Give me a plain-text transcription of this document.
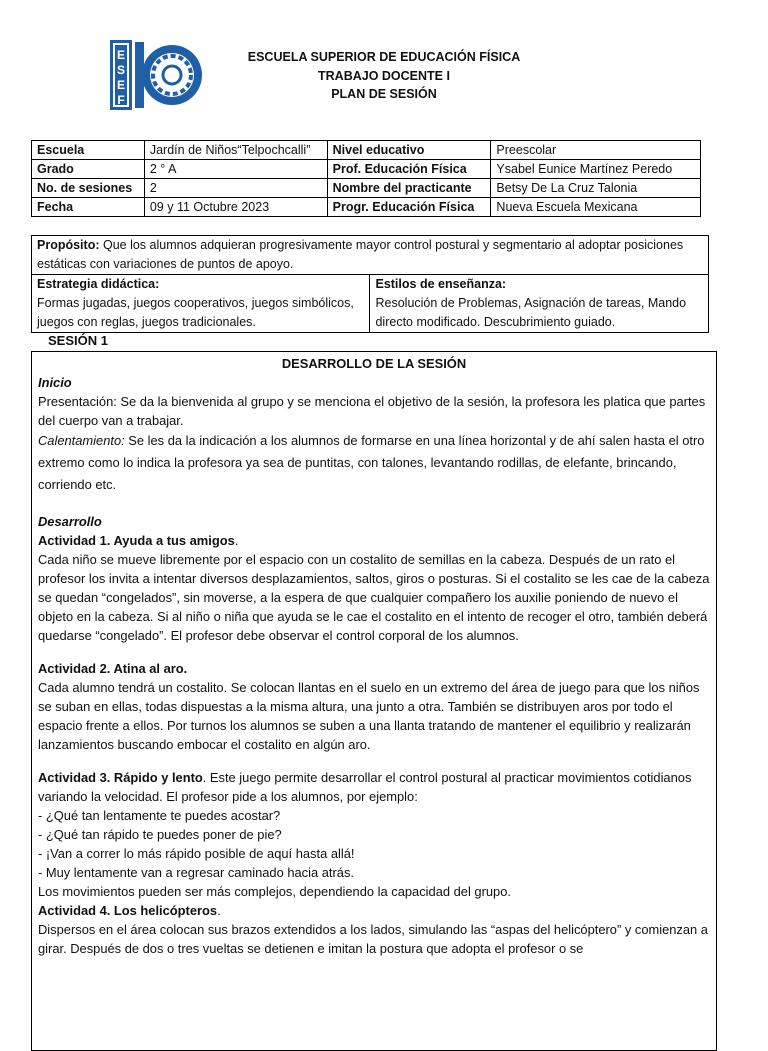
E
S
E
F
ESCUELA SUPERIOR DE EDUCACIÓN FÍSICA
TRABAJO DOCENTE I
PLAN DE SESIÓN
Escuela	Jardín de Niños“Telpochcalli”	Nivel educativo	Preescolar
Grado	2 ° A	Prof. Educación Física	Ysabel Eunice Martínez Peredo
No. de sesiones	2	Nombre del practicante	Betsy De La Cruz Talonia
Fecha	09 y 11 Octubre 2023	Progr. Educación Física	Nueva Escuela Mexicana
Propósito: Que los alumnos adquieran progresivamente mayor control postural y segmentario al adoptar posiciones estáticas con variaciones de puntos de apoyo.

Estrategia didáctica:
Formas jugadas, juegos cooperativos, juegos simbólicos, juegos con reglas, juegos tradicionales.

Estilos de enseñanza:
Resolución de Problemas, Asignación de tareas, Mando directo modificado. Descubrimiento guiado.
SESIÓN 1

DESARROLLO DE LA SESIÓN

Inicio

Presentación: Se da la bienvenida al grupo y se menciona el objetivo de la sesión, la profesora les platica que partes del cuerpo van a trabajar.

Calentamiento: Se les da la indicación a los alumnos de formarse en una línea horizontal y de ahí salen hasta el otro extremo como lo indica la profesora ya sea de puntitas, con talones, levantando rodillas, de elefante, brincando, corriendo etc.

Desarrollo

Actividad 1. Ayuda a tus amigos.

Cada niño se mueve libremente por el espacio con un costalito de semillas en la cabeza. Después de un rato el profesor los invita a intentar diversos desplazamientos, saltos, giros o posturas. Si el costalito se les cae de la cabeza se quedan “congelados”, sin moverse, a la espera de que cualquier compañero los auxilie poniendo de nuevo el objeto en la cabeza. Si al niño o niña que ayuda se le cae el costalito en el intento de recoger el otro, también deberá quedarse “congelado”. El profesor debe observar el control corporal de los alumnos.

Actividad 2. Atina al aro.

Cada alumno tendrá un costalito. Se colocan llantas en el suelo en un extremo del área de juego para que los niños se suban en ellas, todas dispuestas a la misma altura, una junto a otra. También se distribuyen aros por todo el espacio frente a ellos. Por turnos los alumnos se suben a una llanta tratando de mantener el equilibrio y realizarán lanzamientos buscando embocar el costalito en algún aro.

Actividad 3. Rápido y lento. Este juego permite desarrollar el control postural al practicar movimientos cotidianos variando la velocidad. El profesor pide a los alumnos, por ejemplo:

- ¿Qué tan lentamente te puedes acostar?

- ¿Qué tan rápido te puedes poner de pie?

- ¡Van a correr lo más rápido posible de aquí hasta allá!

- Muy lentamente van a regresar caminado hacia atrás.

Los movimientos pueden ser más complejos, dependiendo la capacidad del grupo.

Actividad 4. Los helicópteros.

Dispersos en el área colocan sus brazos extendidos a los lados, simulando las “aspas del helicóptero” y comienzan a girar. Después de dos o tres vueltas se detienen e imitan la postura que adopta el profesor o se
